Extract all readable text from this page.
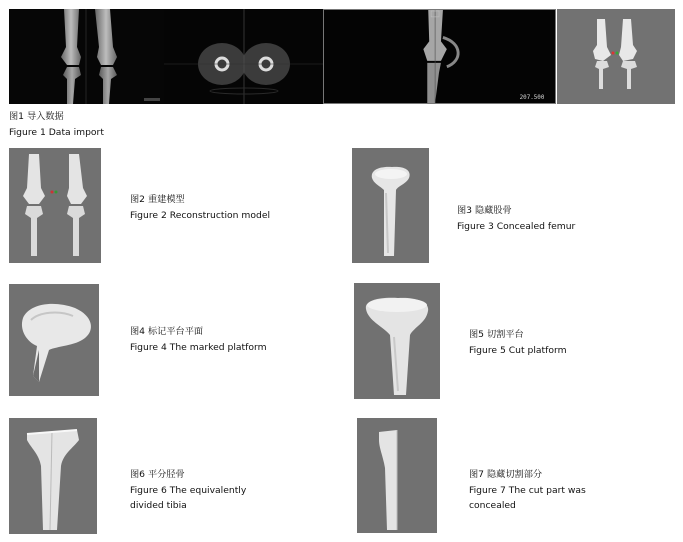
207.500
图1 导入数据
Figure 1 Data import
图2 重建模型
Figure 2 Reconstruction model	图3 隐藏股骨
Figure 3 Concealed femur
图4 标记平台平面
Figure 4 The marked platform
图5 切割平台
Figure 5 Cut platform
图6 平分胫骨
Figure 6 The equivalently
divided tibia
图7 隐藏切割部分
Figure 7 The cut part was
concealed
